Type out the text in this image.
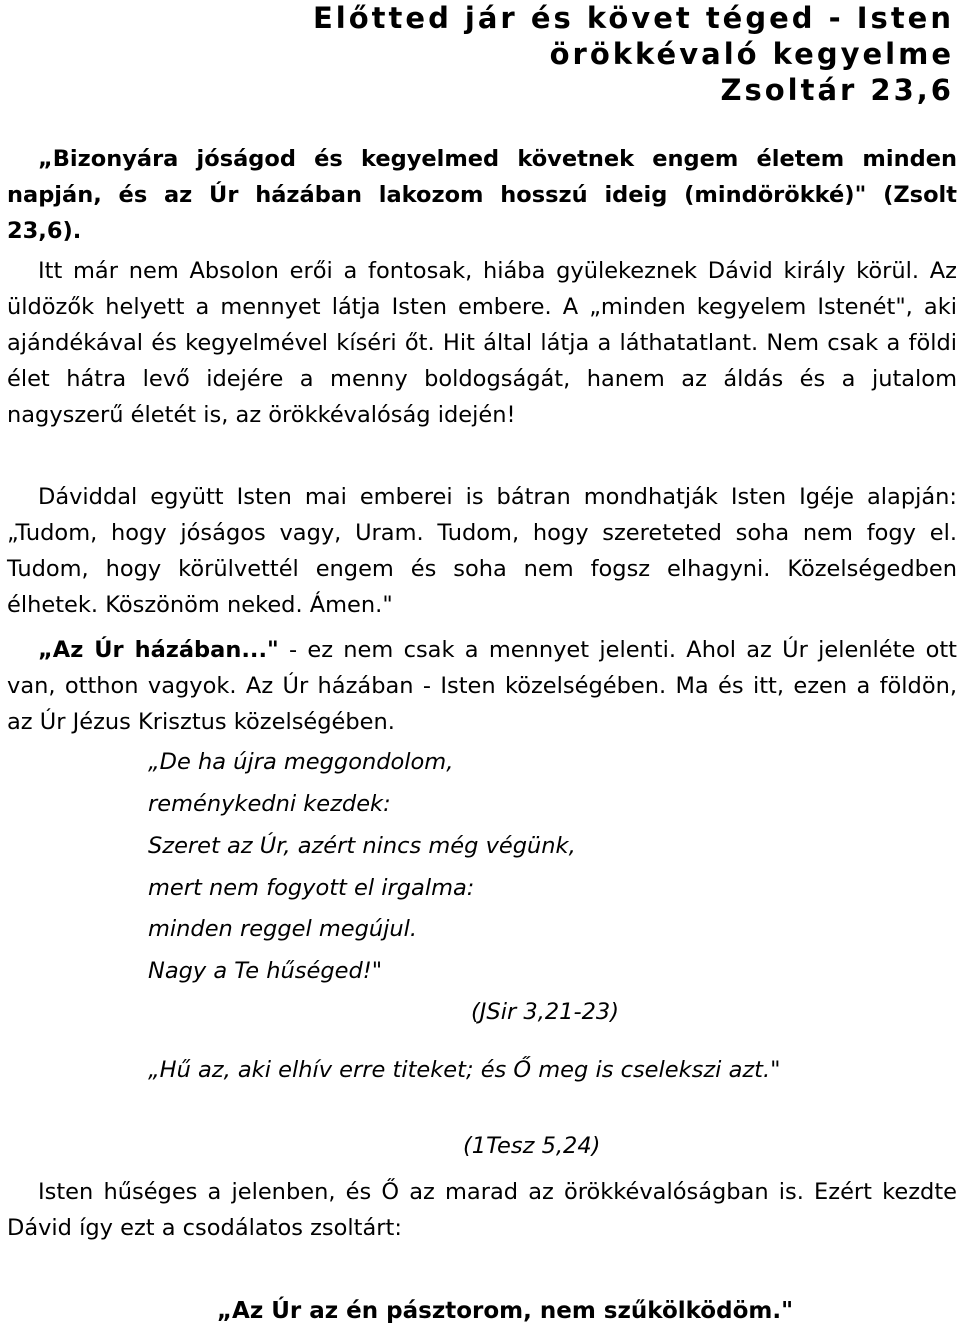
Előtted jár és követ téged - Isten
örökkévaló kegyelme
Zsoltár 23,6
„Bizonyára jóságod és kegyelmed követnek engem életem minden napján, és az Úr házában lakozom hosszú ideig (mindörökké)" (Zsolt 23,6).
Itt már nem Absolon erői a fontosak, hiába gyülekeznek Dávid király körül. Az üldözők helyett a mennyet látja Isten embere. A „minden kegyelem Istenét", aki ajándékával és kegyelmével kíséri őt. Hit által látja a láthatatlant. Nem csak a földi élet hátra levő idejére a menny boldogságát, hanem az áldás és a jutalom nagyszerű életét is, az örökkévalóság idején!
Dáviddal együtt Isten mai emberei is bátran mondhatják Isten Igéje alapján: „Tudom, hogy jóságos vagy, Uram. Tudom, hogy szereteted soha nem fogy el. Tudom, hogy körülvettél engem és soha nem fogsz elhagyni. Közelségedben élhetek. Köszönöm neked. Ámen."
„Az Úr házában..." - ez nem csak a mennyet jelenti. Ahol az Úr jelenléte ott van, otthon vagyok. Az Úr házában - Isten közelségében. Ma és itt, ezen a földön, az Úr Jézus Krisztus közelségében.
„De ha újra meggondolom,
reménykedni kezdek:
Szeret az Úr, azért nincs még végünk,
mert nem fogyott el irgalma:
minden reggel megújul.
Nagy a Te hűséged!"
(JSir 3,21-23)
„Hű az, aki elhív erre titeket; és Ő meg is cselekszi azt."
(1Tesz 5,24)
Isten hűséges a jelenben, és Ő az marad az örökkévalóságban is. Ezért kezdte Dávid így ezt a csodálatos zsoltárt:
„Az Úr az én pásztorom, nem szűkölködöm."
